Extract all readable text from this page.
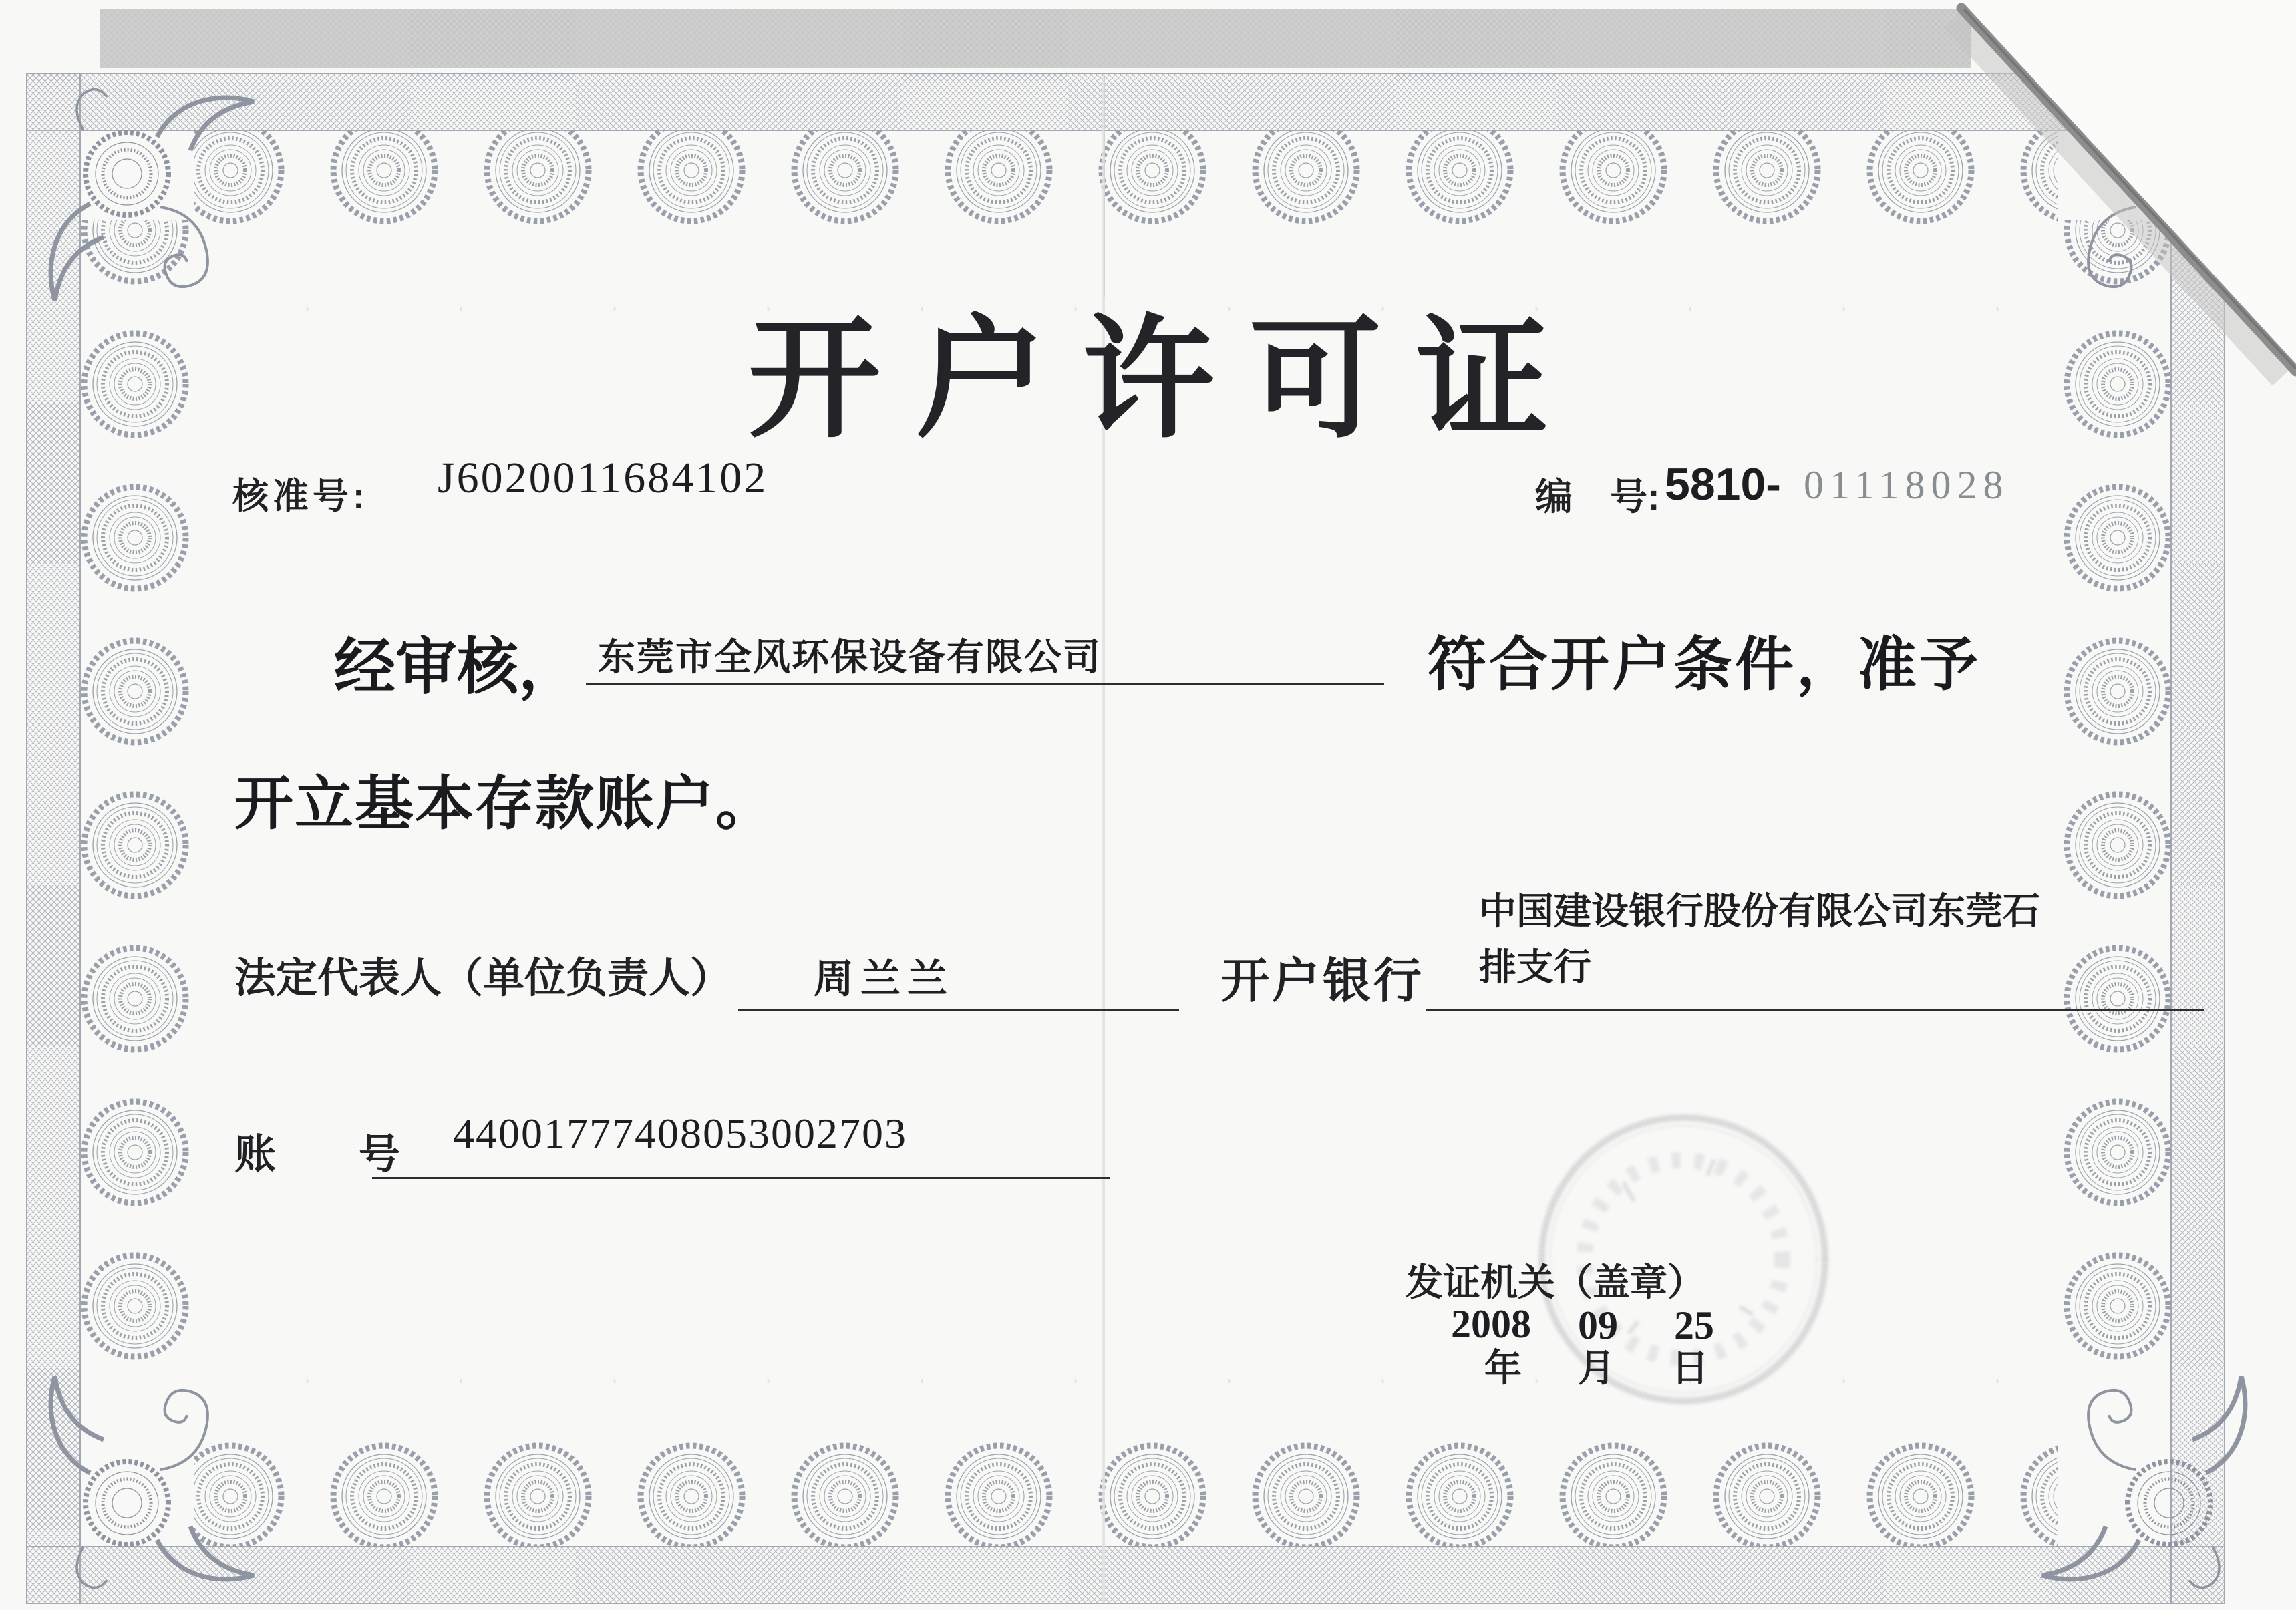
开户许可证
核准号: J6020011684102	编　号: 5810- 01118028
经审核， 东莞市全风环保设备有限公司	符合开户条件，准予
开立基本存款账户。
法定代表人（单位负责人） 周兰兰	开户银行
中国建设银行股份有限公司东莞石
排支行
账　　号 44001777408053002703
发证机关（盖章）
2008 09 25
年 月 日
